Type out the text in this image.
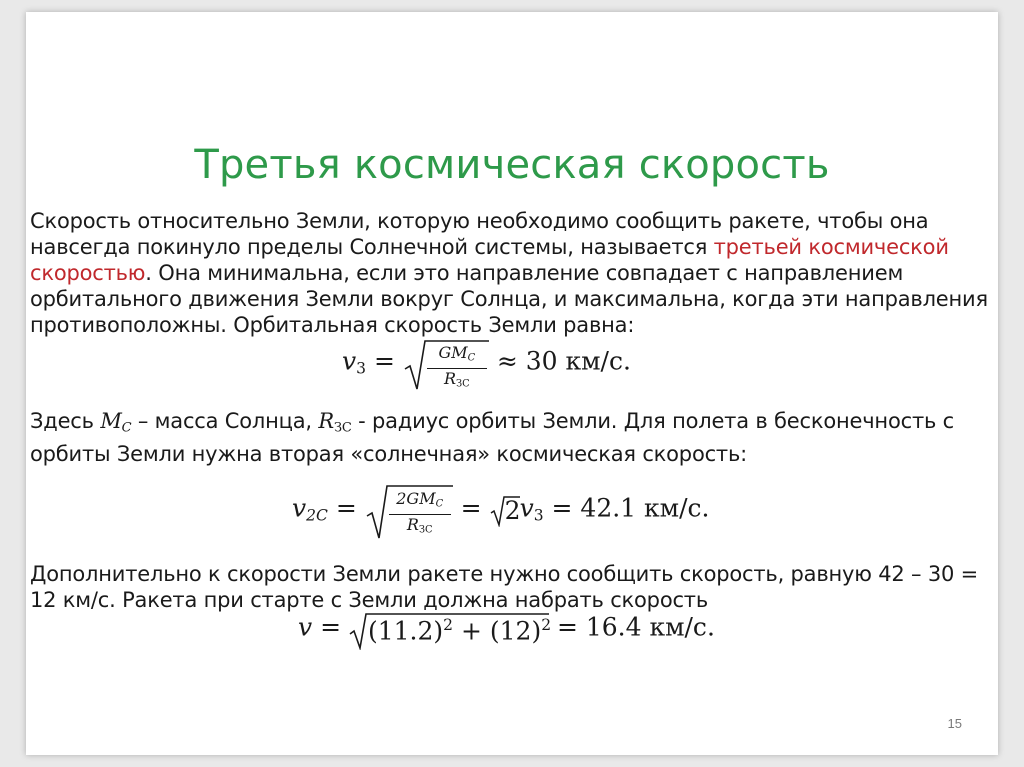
Третья космическая скорость
Скорость относительно Земли, которую необходимо сообщить ракете, чтобы она навсегда покинуло пределы Солнечной системы, называется третьей космической скоростью. Она минимальна, если это направление совпадает с направлением орбитального движения Земли вокруг Солнца, и максимальна, когда эти направления противоположны. Орбитальная скорость Земли равна:
$v_3$ =	$GM_C$
$R_{ЗС}$
≈ 30 км/с.
Здесь $M_C$ – масса Солнца, $R_{ЗС}$ - радиус орбиты Земли. Для полета в бесконечность с орбиты Земли нужна вторая «солнечная» космическая скорость:
$v_{2C}$ =	$2GM_C$
$R_{ЗС}$
= 2 $v_3 = 42.1$ км/с.
Дополнительно к скорости Земли ракете нужно сообщить скорость, равную 42 – 30 = 12 км/с. Ракета при старте с Земли должна набрать скорость
$v = (11.2)^2 + (12)^2 = 16.4$ км/с.
15
